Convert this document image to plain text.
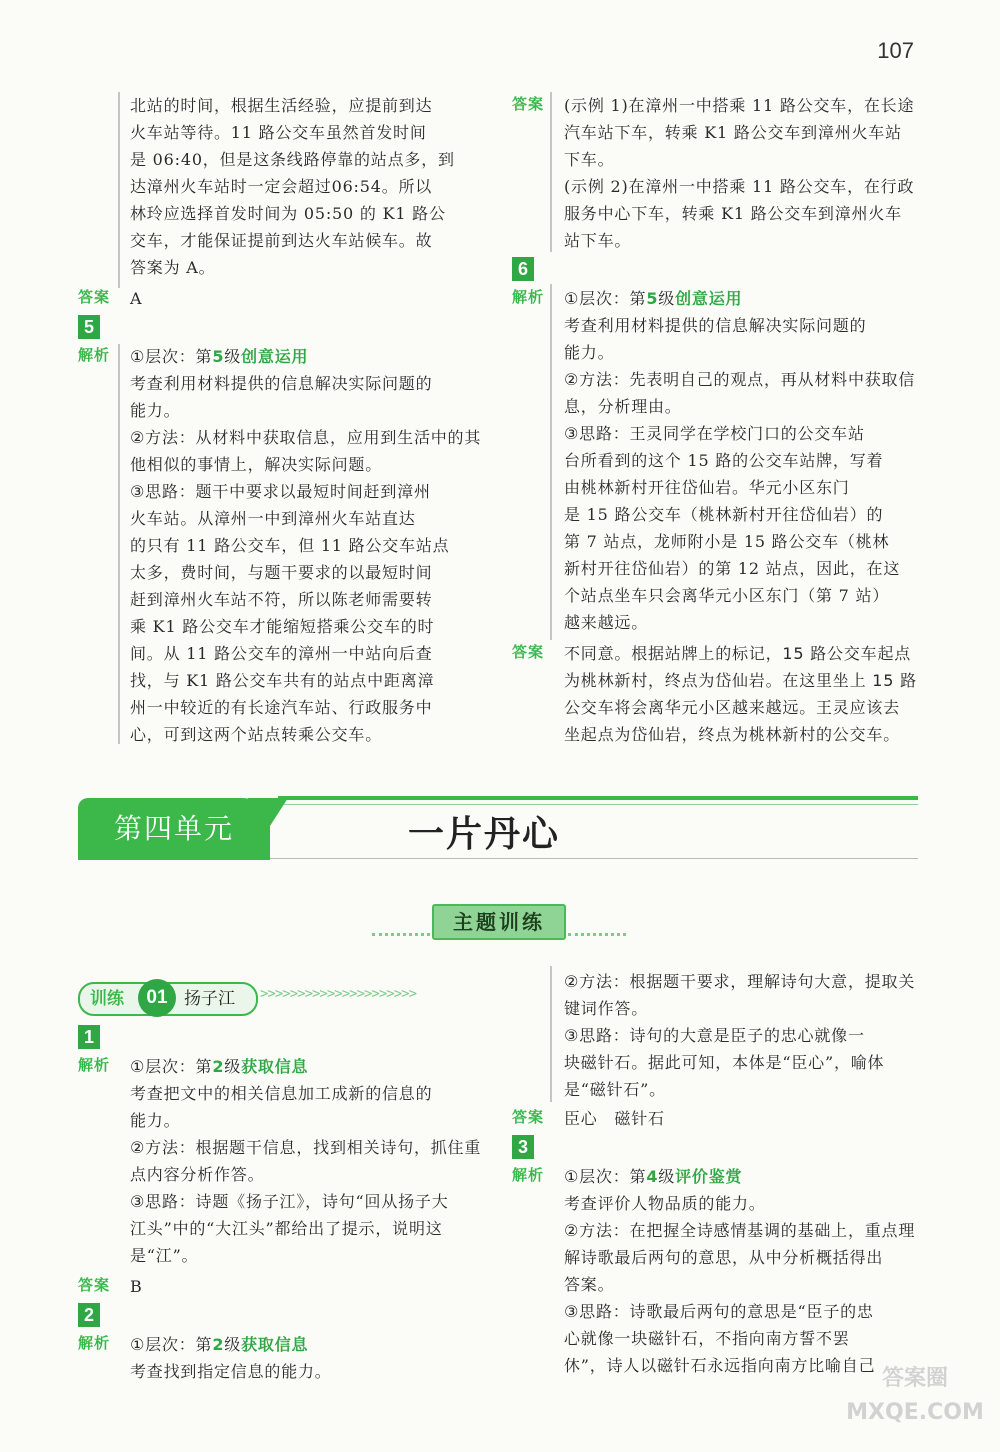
107

北站的时间，根据生活经验，应提前到达
火车站等待。11 路公交车虽然首发时间
是 06:40，但是这条线路停靠的站点多，到
达漳州火车站时一定会超过06:54。所以
林玲应选择首发时间为 05:50 的 K1 路公
交车，才能保证提前到达火车站候车。故
答案为 A。

答案 A

5
解析 ①层次：第5级创意运用

考查利用材料提供的信息解决实际问题的
能力。

②方法：从材料中获取信息，应用到生活中的其
他相似的事情上，解决实际问题。

③思路：题干中要求以最短时间赶到漳州
火车站。从漳州一中到漳州火车站直达
的只有 11 路公交车，但 11 路公交车站点
太多，费时间，与题干要求的以最短时间
赶到漳州火车站不符，所以陈老师需要转
乘 K1 路公交车才能缩短搭乘公交车的时
间。从 11 路公交车的漳州一中站向后查
找，与 K1 路公交车共有的站点中距离漳
州一中较近的有长途汽车站、行政服务中
心，可到这两个站点转乘公交车。

答案 (示例 1)在漳州一中搭乘 11 路公交车，在长途
汽车站下车，转乘 K1 路公交车到漳州火车站
下车。
(示例 2)在漳州一中搭乘 11 路公交车，在行政
服务中心下车，转乘 K1 路公交车到漳州火车
站下车。

6
解析 ①层次：第5级创意运用

考查利用材料提供的信息解决实际问题的
能力。

②方法：先表明自己的观点，再从材料中获取信
息，分析理由。

③思路：王灵同学在学校门口的公交车站
台所看到的这个 15 路的公交车站牌，写着
由桃林新村开往岱仙岩。华元小区东门
是 15 路公交车（桃林新村开往岱仙岩）的
第 7 站点，龙师附小是 15 路公交车（桃林
新村开往岱仙岩）的第 12 站点，因此，在这
个站点坐车只会离华元小区东门（第 7 站）
越来越远。

答案 不同意。根据站牌上的标记，15 路公交车起点
为桃林新村，终点为岱仙岩。在这里坐上 15 路
公交车将会离华元小区越来越远。王灵应该去
坐起点为岱仙岩，终点为桃林新村的公交车。

第四单元	一片丹心
主题训练
训练	01 扬子江 >>>>>>>>>>>>>>>>>>>>>
1
解析 ①层次：第2级获取信息

考查把文中的相关信息加工成新的信息的
能力。

②方法：根据题干信息，找到相关诗句，抓住重
点内容分析作答。

③思路：诗题《扬子江》，诗句“回从扬子大
江头”中的“大江头”都给出了提示，说明这
是“江”。

答案 B

2
解析 ①层次：第2级获取信息

考查找到指定信息的能力。

②方法：根据题干要求，理解诗句大意，提取关
键词作答。

③思路：诗句的大意是臣子的忠心就像一
块磁针石。据此可知，本体是“臣心”，喻体
是“磁针石”。

答案 臣心　磁针石

3
解析 ①层次：第4级评价鉴赏

考查评价人物品质的能力。

②方法：在把握全诗感情基调的基础上，重点理
解诗歌最后两句的意思，从中分析概括得出
答案。

③思路：诗歌最后两句的意思是“臣子的忠
心就像一块磁针石，不指向南方誓不罢
休”，诗人以磁针石永远指向南方比喻自己

答案圈
MXQE.COM
